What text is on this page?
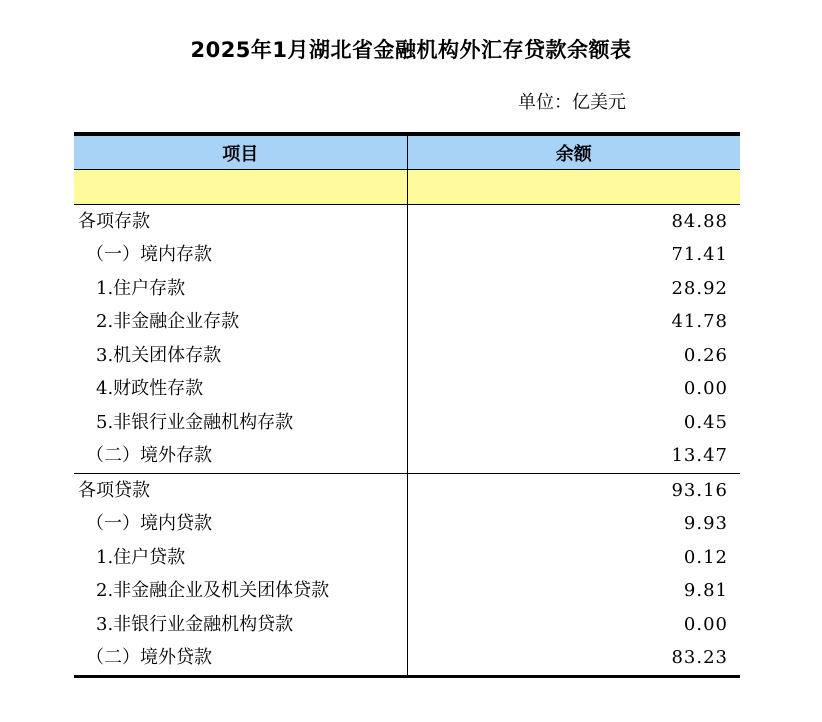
2025年1月湖北省金融机构外汇存贷款余额表
单位：亿美元
项目	余额

各项存款	84.88
（一）境内存款	71.41
1.住户存款	28.92
2.非金融企业存款	41.78
3.机关团体存款	0.26
4.财政性存款	0.00
5.非银行业金融机构存款	0.45
（二）境外存款	13.47
各项贷款	93.16
（一）境内贷款	9.93
1.住户贷款	0.12
2.非金融企业及机关团体贷款	9.81
3.非银行业金融机构贷款	0.00
（二）境外贷款	83.23
